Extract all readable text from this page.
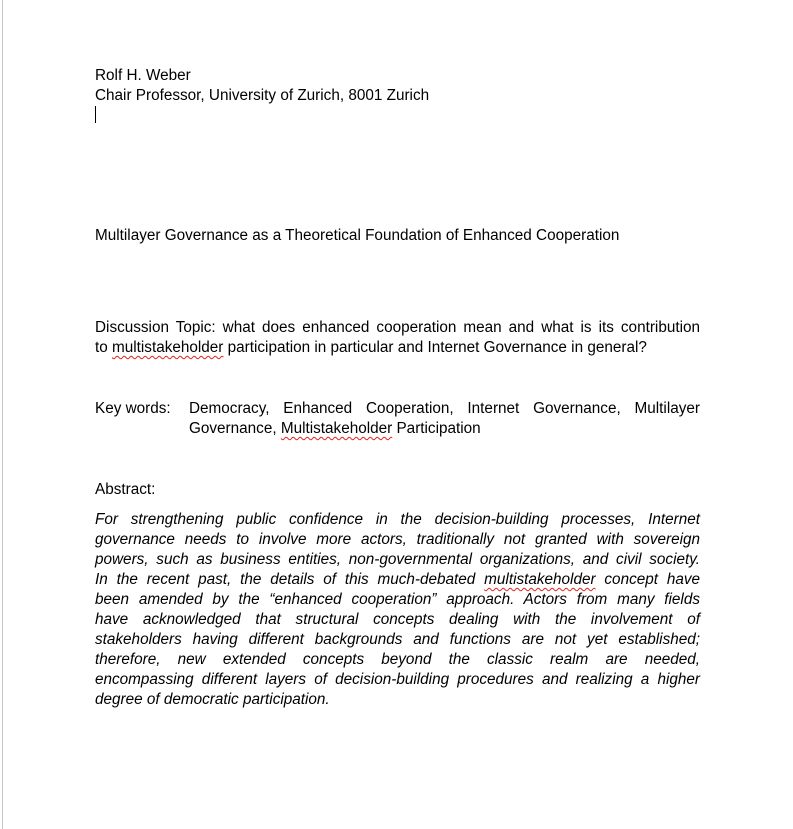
Rolf H. Weber
Chair Professor, University of Zurich, 8001 Zurich
Multilayer Governance as a Theoretical Foundation of Enhanced Cooperation
Discussion Topic: what does enhanced cooperation mean and what is its contribution
to multistakeholder participation in particular and Internet Governance in general?
Key words: Democracy, Enhanced Cooperation, Internet Governance, Multilayer
Governance, Multistakeholder Participation
Abstract:
For strengthening public confidence in the decision-building processes, Internet
governance needs to involve more actors, traditionally not granted with sovereign
powers, such as business entities, non-governmental organizations, and civil society.
In the recent past, the details of this much-debated multistakeholder concept have
been amended by the “enhanced cooperation” approach. Actors from many fields
have acknowledged that structural concepts dealing with the involvement of
stakeholders having different backgrounds and functions are not yet established;
therefore, new extended concepts beyond the classic realm are needed,
encompassing different layers of decision-building procedures and realizing a higher
degree of democratic participation.
